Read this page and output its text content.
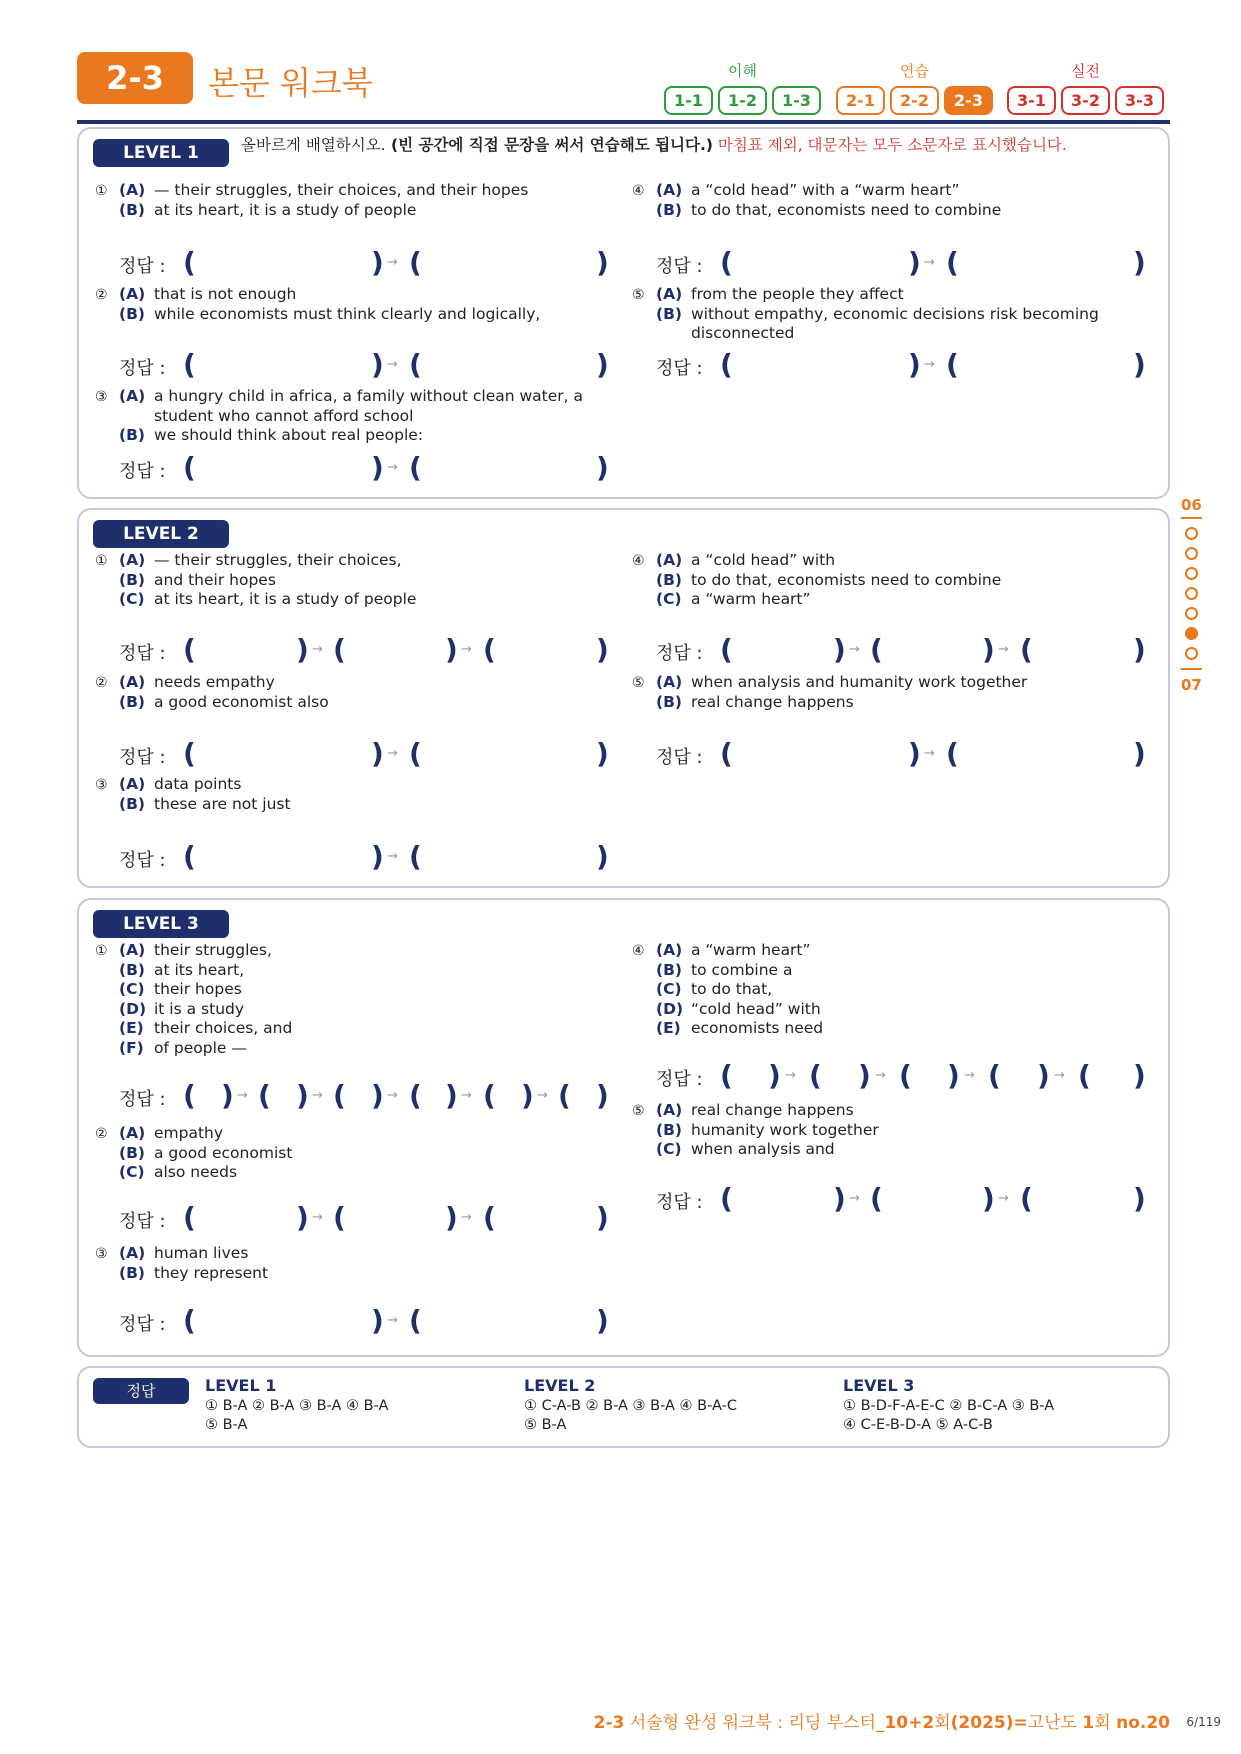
2-3	본문 워크북	이해	연습	실전
1-1	1-2	1-3	2-1	2-2	2-3	3-1	3-2	3-3
LEVEL 1	올바르게 배열하시오. (빈 공간에 직접 문장을 써서 연습해도 됩니다.) 마침표 제외, 대문자는 모두 소문자로 표시했습니다.
① (A) — their struggles, their choices, and their hopes
(B) at its heart, it is a study of people
정답 : (	) → (	)
② (A) that is not enough
(B) while economists must think clearly and logically,
정답 : (	) → (	)
③ (A) a hungry child in africa, a family without clean water, a
student who cannot afford school
(B) we should think about real people:
정답 : (	) → (	)
④ (A) a “cold head” with a “warm heart”
(B) to do that, economists need to combine
정답 : (	) → (	)
⑤ (A) from the people they affect
(B) without empathy, economic decisions risk becoming
disconnected
정답 : (	) → (	)
LEVEL 2
① (A) — their struggles, their choices,
(B) and their hopes
(C) at its heart, it is a study of people
정답 : (	) → (	) → (	)
② (A) needs empathy
(B) a good economist also
정답 : (	) → (	)
③ (A) data points
(B) these are not just
정답 : (	) → (	)
④ (A) a “cold head” with
(B) to do that, economists need to combine
(C) a “warm heart”
정답 : (	) → (	) → (	)
⑤ (A) when analysis and humanity work together
(B) real change happens
정답 : (	) → (	)
LEVEL 3
① (A) their struggles,
(B) at its heart,
(C) their hopes
(D) it is a study
(E) their choices, and
(F) of people —
정답 : ( ) → ( ) → ( ) → ( ) → ( ) → ( )
② (A) empathy
(B) a good economist
(C) also needs
정답 : (	) → (	) → (	)
③ (A) human lives
(B) they represent
정답 : (	) → (	)
④ (A) a “warm heart”
(B) to combine a
(C) to do that,
(D) “cold head” with
(E) economists need
정답 : ( ) → ( ) → ( ) → ( ) → ( )
⑤ (A) real change happens
(B) humanity work together
(C) when analysis and
정답 : (	) → (	) → (	)
정답	LEVEL 1
① B-A ② B-A ③ B-A ④ B-A
⑤ B-A
LEVEL 2
① C-A-B ② B-A ③ B-A ④ B-A-C
⑤ B-A
LEVEL 3
① B-D-F-A-E-C ② B-C-A ③ B-A
④ C-E-B-D-A ⑤ A-C-B
06
07
2-3 서술형 완성 워크북 : 리딩 부스터_10+2회(2025)=고난도 1회 no.20 6/119
